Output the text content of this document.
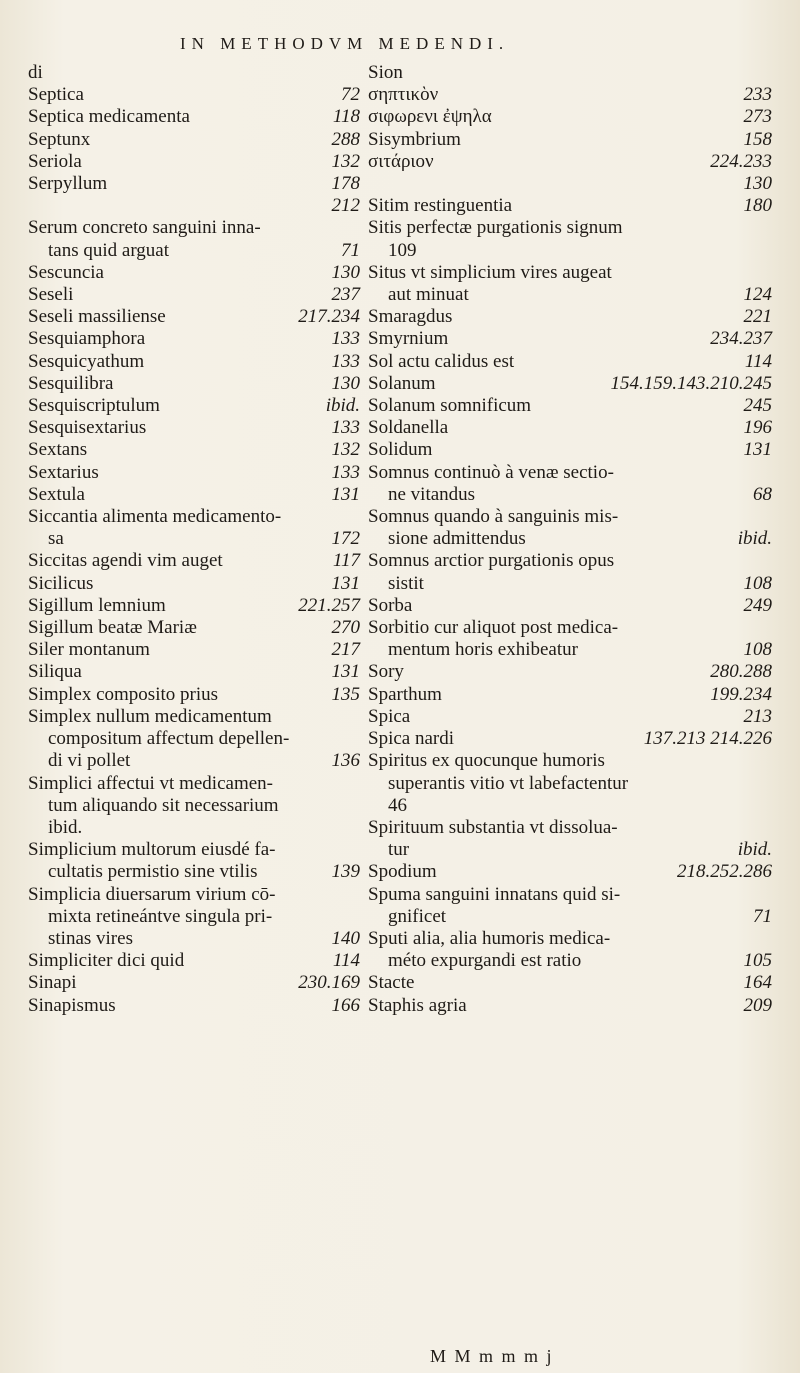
IN METHODVM MEDENDI.
di
Septica	72
Septica medicamenta	118
Septunx	288
Seriola	132
Serpyllum	178
212
Serum concreto sanguini inna-
tans quid arguat	71
Sescuncia	130
Seseli	237
Seseli massiliense	217.234
Sesquiamphora	133
Sesquicyathum	133
Sesquilibra	130
Sesquiscriptulum	ibid.
Sesquisextarius	133
Sextans	132
Sextarius	133
Sextula	131
Siccantia alimenta medicamento-
sa	172
Siccitas agendi vim auget	117
Sicilicus	131
Sigillum lemnium	221.257
Sigillum beatæ Mariæ	270
Siler montanum	217
Siliqua	131
Simplex composito prius	135
Simplex nullum medicamentum
compositum affectum depellen-
di vi pollet	136
Simplici affectui vt medicamen-
tum aliquando sit necessarium
ibid.
Simplicium multorum eiusdé fa-
cultatis permistio sine vtilis	139
Simplicia diuersarum virium cō-
mixta retineántve singula pri-
stinas vires	140
Simpliciter dici quid	114
Sinapi	230.169
Sinapismus	166
Sion
σηπτικὸν	233
σιφωρενι ἐψηλα	273
Sisymbrium	158
σιτάριον	224.233
130
Sitim restinguentia	180
Sitis perfectæ purgationis signum
109
Situs vt simplicium vires augeat
aut minuat	124
Smaragdus	221
Smyrnium	234.237
Sol actu calidus est	114
Solanum	154.159.143.210.245
Solanum somnificum	245
Soldanella	196
Solidum	131
Somnus continuò à venæ sectio-
ne vitandus	68
Somnus quando à sanguinis mis-
sione admittendus	ibid.
Somnus arctior purgationis opus
sistit	108
Sorba	249
Sorbitio cur aliquot post medica-
mentum horis exhibeatur	108
Sory	280.288
Sparthum	199.234
Spica	213
Spica nardi	137.213 214.226
Spiritus ex quocunque humoris
superantis vitio vt labefactentur
46
Spirituum substantia vt dissolua-
tur	ibid.
Spodium	218.252.286
Spuma sanguini innatans quid si-
gnificet	71
Sputi alia, alia humoris medica-
méto expurgandi est ratio	105
Stacte	164
Staphis agria	209
M M m m m j
